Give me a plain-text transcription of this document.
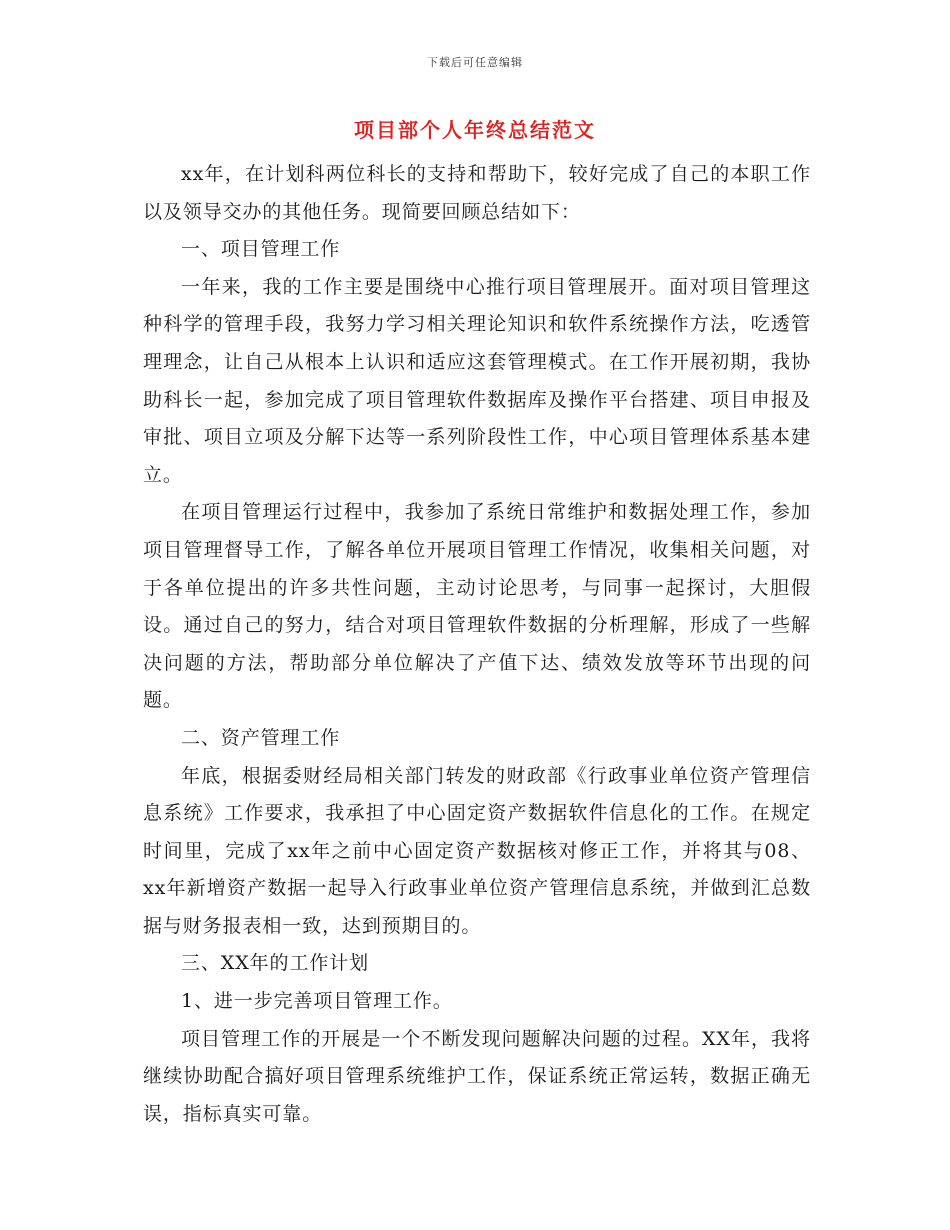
下载后可任意编辑
项目部个人年终总结范文

xx年，在计划科两位科长的支持和帮助下，较好完成了自己的本职工作以及领导交办的其他任务。现简要回顾总结如下：

一、项目管理工作

一年来，我的工作主要是围绕中心推行项目管理展开。面对项目管理这种科学的管理手段，我努力学习相关理论知识和软件系统操作方法，吃透管理理念，让自己从根本上认识和适应这套管理模式。在工作开展初期，我协助科长一起，参加完成了项目管理软件数据库及操作平台搭建、项目申报及审批、项目立项及分解下达等一系列阶段性工作，中心项目管理体系基本建立。

在项目管理运行过程中，我参加了系统日常维护和数据处理工作，参加项目管理督导工作，了解各单位开展项目管理工作情况，收集相关问题，对于各单位提出的许多共性问题，主动讨论思考，与同事一起探讨，大胆假设。通过自己的努力，结合对项目管理软件数据的分析理解，形成了一些解决问题的方法，帮助部分单位解决了产值下达、绩效发放等环节出现的问题。

二、资产管理工作

年底，根据委财经局相关部门转发的财政部《行政事业单位资产管理信息系统》工作要求，我承担了中心固定资产数据软件信息化的工作。在规定时间里，完成了xx年之前中心固定资产数据核对修正工作，并将其与08、xx年新增资产数据一起导入行政事业单位资产管理信息系统，并做到汇总数据与财务报表相一致，达到预期目的。

三、XX年的工作计划

1、进一步完善项目管理工作。

项目管理工作的开展是一个不断发现问题解决问题的过程。XX年，我将继续协助配合搞好项目管理系统维护工作，保证系统正常运转，数据正确无误，指标真实可靠。
